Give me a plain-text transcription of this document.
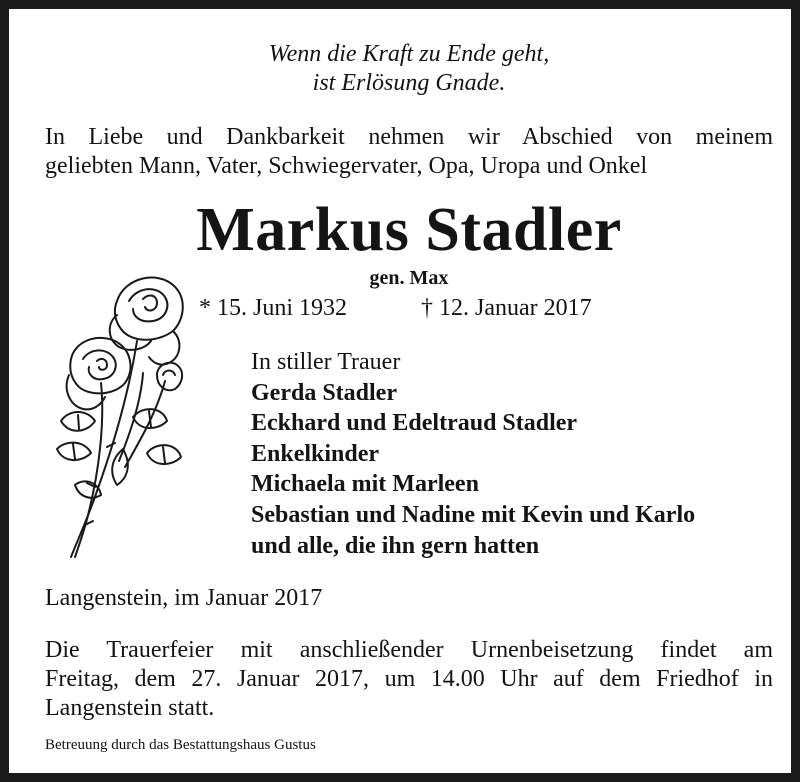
Wenn die Kraft zu Ende geht,
ist Erlösung Gnade.
In Liebe und Dankbarkeit nehmen wir Abschied von meinem
geliebten Mann, Vater, Schwiegervater, Opa, Uropa und Onkel
Markus Stadler
gen. Max
* 15. Juni 1932	† 12. Januar 2017
In stiller Trauer
Gerda Stadler
Eckhard und Edeltraud Stadler
Enkelkinder
Michaela mit Marleen
Sebastian und Nadine mit Kevin und Karlo
und alle, die ihn gern hatten
Langenstein, im Januar 2017
Die Trauerfeier mit anschließender Urnenbeisetzung findet am
Freitag, dem 27. Januar 2017, um 14.00 Uhr auf dem Friedhof in
Langenstein statt.
Betreuung durch das Bestattungshaus Gustus
